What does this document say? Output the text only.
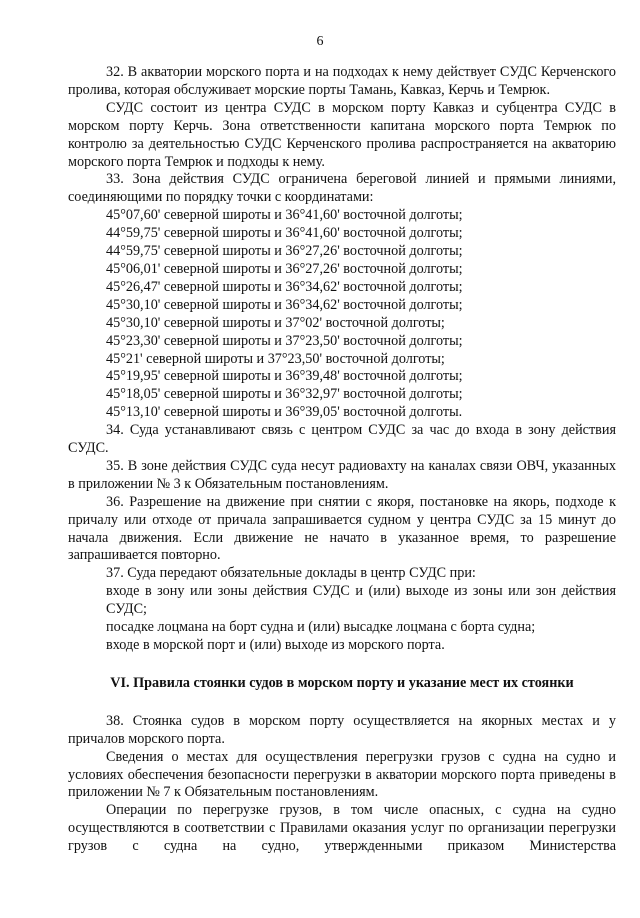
6

32. В акватории морского порта и на подходах к нему действует СУДС Керченского пролива, которая обслуживает морские порты Тамань, Кавказ, Керчь и Темрюк.

СУДС состоит из центра СУДС в морском порту Кавказ и субцентра СУДС в морском порту Керчь. Зона ответственности капитана морского порта Темрюк по контролю за деятельностью СУДС Керченского пролива распространяется на акваторию морского порта Темрюк и подходы к нему.

33. Зона действия СУДС ограничена береговой линией и прямыми линиями, соединяющими по порядку точки с координатами:

45°07,60' северной широты и 36°41,60' восточной долготы;

44°59,75' северной широты и 36°41,60' восточной долготы;

44°59,75' северной широты и 36°27,26' восточной долготы;

45°06,01' северной широты и 36°27,26' восточной долготы;

45°26,47' северной широты и 36°34,62' восточной долготы;

45°30,10' северной широты и 36°34,62' восточной долготы;

45°30,10' северной широты и 37°02' восточной долготы;

45°23,30' северной широты и 37°23,50' восточной долготы;

45°21' северной широты и 37°23,50' восточной долготы;

45°19,95' северной широты и 36°39,48' восточной долготы;

45°18,05' северной широты и 36°32,97' восточной долготы;

45°13,10' северной широты и 36°39,05' восточной долготы.

34. Суда устанавливают связь с центром СУДС за час до входа в зону действия СУДС.

35. В зоне действия СУДС суда несут радиовахту на каналах связи ОВЧ, указанных в приложении № 3 к Обязательным постановлениям.

36. Разрешение на движение при снятии с якоря, постановке на якорь, подходе к причалу или отходе от причала запрашивается судном у центра СУДС за 15 минут до начала движения. Если движение не начато в указанное время, то разрешение запрашивается повторно.

37. Суда передают обязательные доклады в центр СУДС при:

входе в зону или зоны действия СУДС и (или) выходе из зоны или зон действия СУДС;

посадке лоцмана на борт судна и (или) высадке лоцмана с борта судна;

входе в морской порт и (или) выходе из морского порта.

VI. Правила стоянки судов в морском порту и указание мест их стоянки

38. Стоянка судов в морском порту осуществляется на якорных местах и у причалов морского порта.

Сведения о местах для осуществления перегрузки грузов с судна на судно и условиях обеспечения безопасности перегрузки в акватории морского порта приведены в приложении № 7 к Обязательным постановлениям.

Операции по перегрузке грузов, в том числе опасных, с судна на судно осуществляются в соответствии с Правилами оказания услуг по организации перегрузки грузов с судна на судно, утвержденными приказом Министерства
